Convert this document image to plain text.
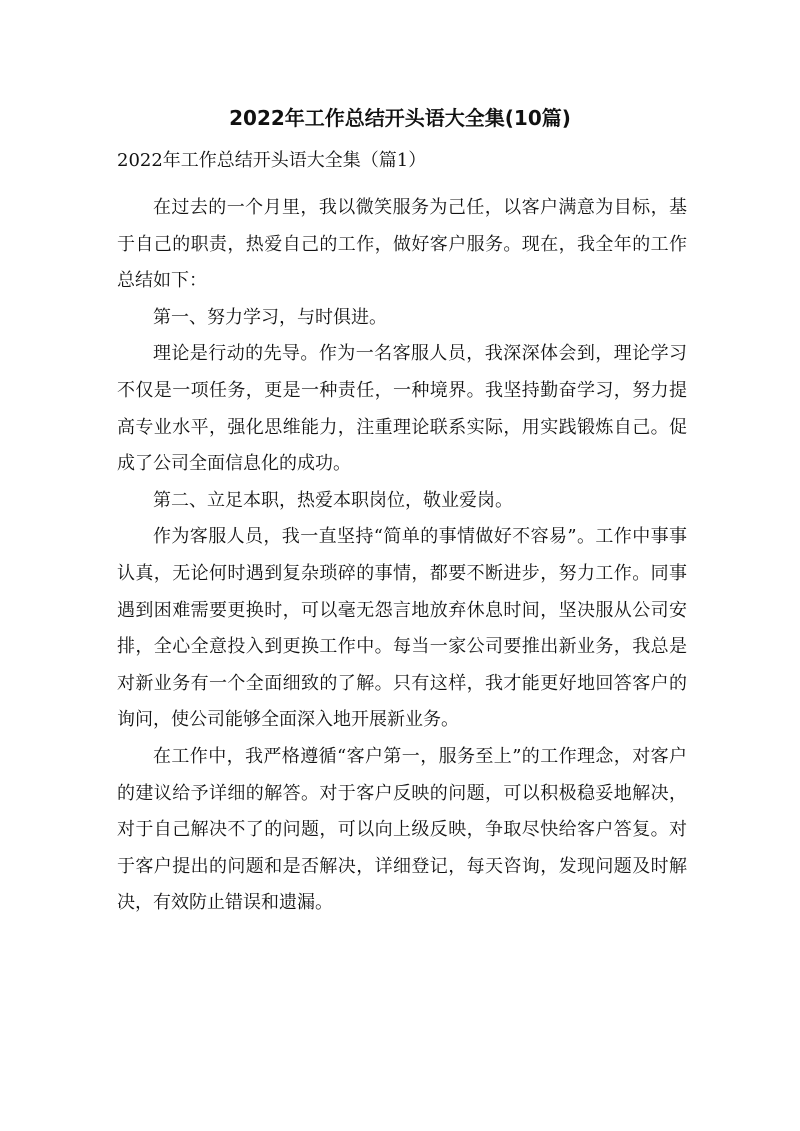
2022年工作总结开头语大全集(10篇)
2022年工作总结开头语大全集（篇1）

在过去的一个月里，我以微笑服务为己任，以客户满意为目标，基于自己的职责，热爱自己的工作，做好客户服务。现在，我全年的工作总结如下：

第一、努力学习，与时俱进。

理论是行动的先导。作为一名客服人员，我深深体会到，理论学习不仅是一项任务，更是一种责任，一种境界。我坚持勤奋学习，努力提高专业水平，强化思维能力，注重理论联系实际，用实践锻炼自己。促成了公司全面信息化的成功。

第二、立足本职，热爱本职岗位，敬业爱岗。

作为客服人员，我一直坚持“简单的事情做好不容易”。工作中事事认真，无论何时遇到复杂琐碎的事情，都要不断进步，努力工作。同事遇到困难需要更换时，可以毫无怨言地放弃休息时间，坚决服从公司安排，全心全意投入到更换工作中。每当一家公司要推出新业务，我总是对新业务有一个全面细致的了解。只有这样，我才能更好地回答客户的询问，使公司能够全面深入地开展新业务。

在工作中，我严格遵循“客户第一，服务至上”的工作理念，对客户的建议给予详细的解答。对于客户反映的问题，可以积极稳妥地解决，对于自己解决不了的问题，可以向上级反映，争取尽快给客户答复。对于客户提出的问题和是否解决，详细登记，每天咨询，发现问题及时解决，有效防止错误和遗漏。
